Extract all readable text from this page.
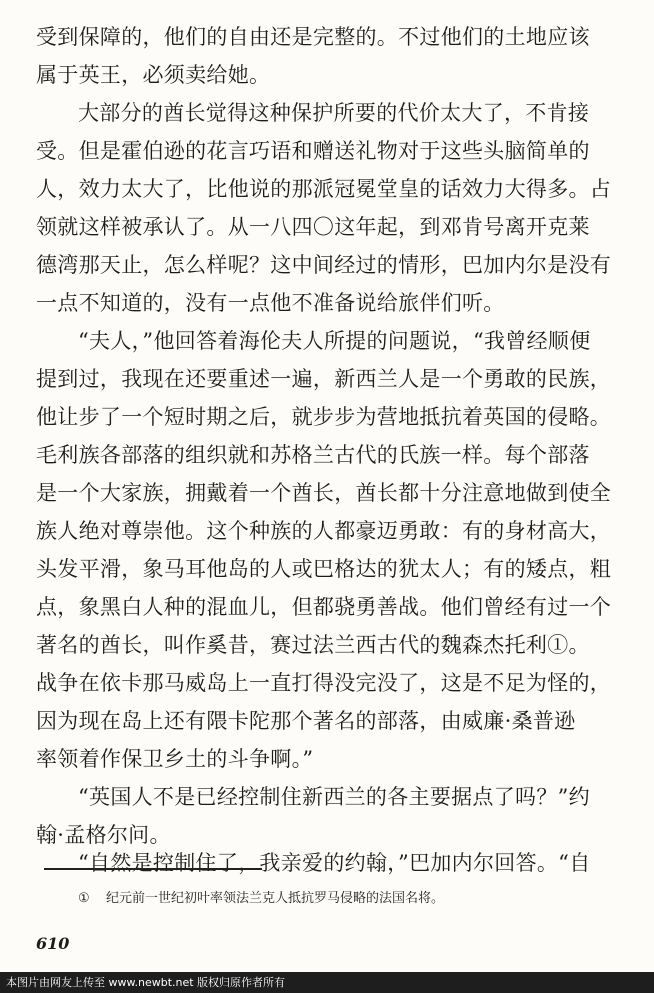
受到保障的，他们的自由还是完整的。不过他们的土地应该
属于英王，必须卖给她。
大部分的酋长觉得这种保护所要的代价太大了，不肯接
受。但是霍伯逊的花言巧语和赠送礼物对于这些头脑简单的
人，效力太大了，比他说的那派冠冕堂皇的话效力大得多。占
领就这样被承认了。从一八四〇这年起，到邓肯号离开克莱
德湾那天止，怎么样呢？这中间经过的情形，巴加内尔是没有
一点不知道的，没有一点他不准备说给旅伴们听。
“夫人，”他回答着海伦夫人所提的问题说，“我曾经顺便
提到过，我现在还要重述一遍，新西兰人是一个勇敢的民族，
他让步了一个短时期之后，就步步为营地抵抗着英国的侵略。
毛利族各部落的组织就和苏格兰古代的氏族一样。每个部落
是一个大家族，拥戴着一个酋长，酋长都十分注意地做到使全
族人绝对尊崇他。这个种族的人都豪迈勇敢：有的身材高大，
头发平滑，象马耳他岛的人或巴格达的犹太人；有的矮点，粗
点，象黑白人种的混血儿，但都骁勇善战。他们曾经有过一个
著名的酋长，叫作奚昔，赛过法兰西古代的魏森杰托利①。
战争在依卡那马威岛上一直打得没完没了，这是不足为怪的，
因为现在岛上还有隈卡陀那个著名的部落，由威廉·桑普逊
率领着作保卫乡土的斗争啊。”
“英国人不是已经控制住新西兰的各主要据点了吗？”约
翰·孟格尔问。
“自然是控制住了，我亲爱的约翰，”巴加内尔回答。“自
① 纪元前一世纪初叶率领法兰克人抵抗罗马侵略的法国名将。
610
本图片由网友上传至 www.newbt.net 版权归原作者所有
